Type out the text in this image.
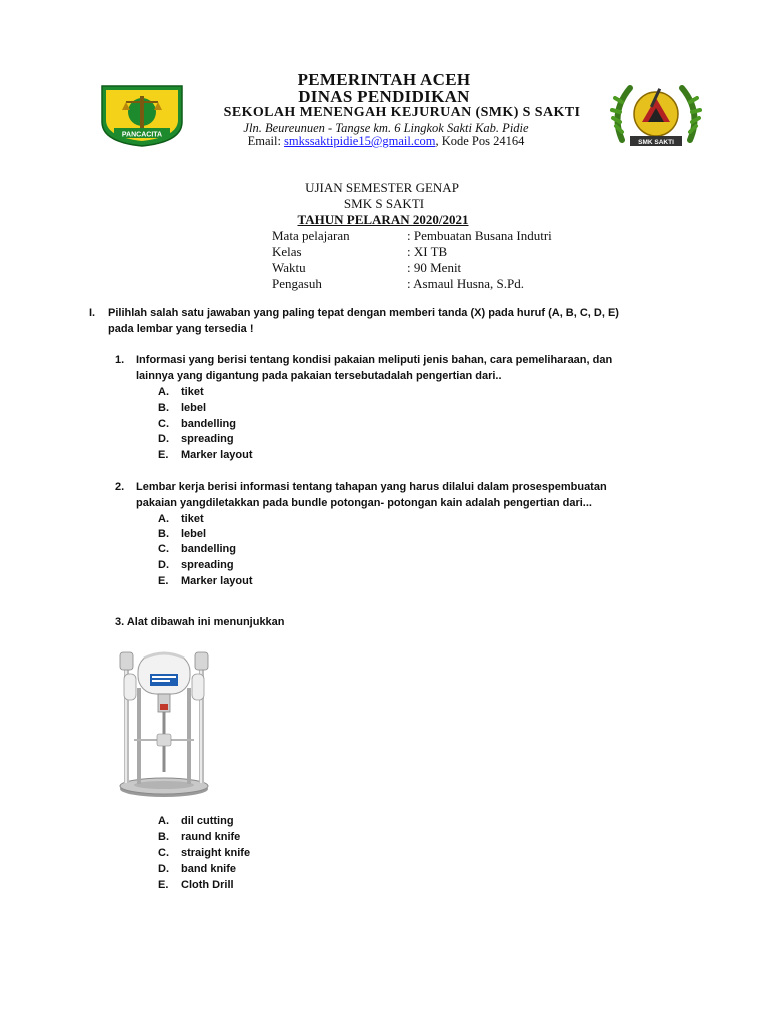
PANCACITA
PEMERINTAH ACEH
DINAS PENDIDIKAN
SEKOLAH MENENGAH KEJURUAN (SMK) S SAKTI
Jln. Beureunuen - Tangse km. 6 Lingkok Sakti Kab. Pidie
Email: smkssaktipidie15@gmail.com, Kode Pos 24164	SMK SAKTI
UJIAN SEMESTER GENAP
SMK S SAKTI
TAHUN PELARAN 2020/2021
Mata pelajaran	: Pembuatan Busana Indutri
Kelas	: XI TB
Waktu	: 90 Menit
Pengasuh	: Asmaul Husna, S.Pd.
I. Pilihlah salah satu jawaban yang paling tepat dengan memberi tanda (X) pada huruf (A, B, C, D, E)
pada lembar yang tersedia !
1. Informasi yang berisi tentang kondisi pakaian meliputi jenis bahan, cara pemeliharaan, dan
lainnya yang digantung pada pakaian tersebutadalah pengertian dari..
A. tiket
B. lebel
C. bandelling
D. spreading
E. Marker layout
2. Lembar kerja berisi informasi tentang tahapan yang harus dilalui dalam prosespembuatan
pakaian yangdiletakkan pada bundle potongan- potongan kain adalah pengertian dari...
A. tiket
B. lebel
C. bandelling
D. spreading
E. Marker layout
3. Alat dibawah ini menunjukkan
A. dil cutting
B. raund knife
C. straight knife
D. band knife
E. Cloth Drill
